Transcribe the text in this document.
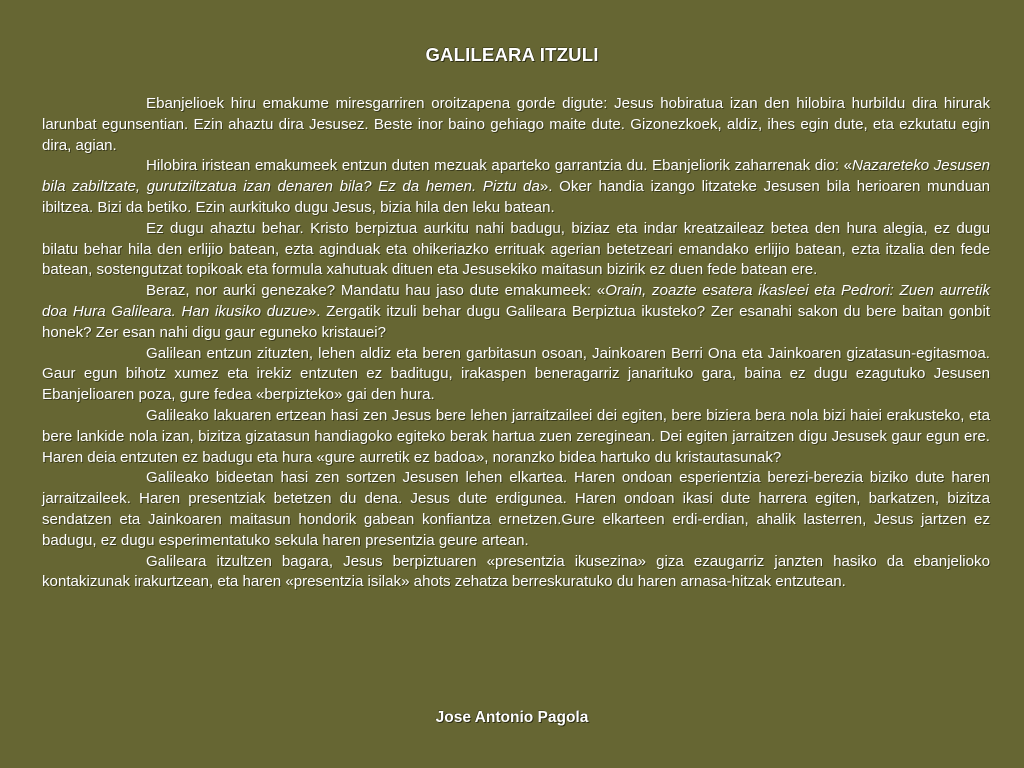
GALILEARA ITZULI

Ebanjelioek hiru emakume miresgarriren oroitzapena gorde digute: Jesus hobiratua izan den hilobira hurbildu dira hirurak larunbat egunsentian. Ezin ahaztu dira Jesusez. Beste inor baino gehiago maite dute. Gizonezkoek, aldiz, ihes egin dute, eta ezkutatu egin dira, agian.

Hilobira iristean emakumeek entzun duten mezuak aparteko garrantzia du. Ebanjeliorik zaharrenak dio: «Nazareteko Jesusen bila zabiltzate, gurutziltzatua izan denaren bila? Ez da hemen. Piztu da». Oker handia izango litzateke Jesusen bila herioaren munduan ibiltzea. Bizi da betiko. Ezin aurkituko dugu Jesus, bizia hila den leku batean.

Ez dugu ahaztu behar. Kristo berpiztua aurkitu nahi badugu, biziaz eta indar kreatzaileaz betea den hura alegia, ez dugu bilatu behar hila den erlijio batean, ezta aginduak eta ohikeriazko errituak agerian betetzeari emandako erlijio batean, ezta itzalia den fede batean, sostengutzat topikoak eta formula xahutuak dituen eta Jesusekiko maitasun bizirik ez duen fede batean ere.

Beraz, nor aurki genezake? Mandatu hau jaso dute emakumeek: «Orain, zoazte esatera ikasleei eta Pedrori: Zuen aurretik doa Hura Galileara. Han ikusiko duzue». Zergatik itzuli behar dugu Galileara Berpiztua ikusteko? Zer esanahi sakon du bere baitan gonbit honek? Zer esan nahi digu gaur eguneko kristauei?

Galilean entzun zituzten, lehen aldiz eta beren garbitasun osoan, Jainkoaren Berri Ona eta Jainkoaren gizatasun-egitasmoa. Gaur egun bihotz xumez eta irekiz entzuten ez baditugu, irakaspen beneragarriz janarituko gara, baina ez dugu ezagutuko Jesusen Ebanjelioaren poza, gure fedea «berpizteko» gai den hura.

Galileako lakuaren ertzean hasi zen Jesus bere lehen jarraitzaileei dei egiten, bere biziera bera nola bizi haiei erakusteko, eta bere lankide nola izan, bizitza gizatasun handiagoko egiteko berak hartua zuen zereginean. Dei egiten jarraitzen digu Jesusek gaur egun ere. Haren deia entzuten ez badugu eta hura «gure aurretik ez badoa», noranzko bidea hartuko du kristautasunak?

Galileako bideetan hasi zen sortzen Jesusen lehen elkartea. Haren ondoan esperientzia berezi-berezia biziko dute haren jarraitzaileek. Haren presentziak betetzen du dena. Jesus dute erdigunea. Haren ondoan ikasi dute harrera egiten, barkatzen, bizitza sendatzen eta Jainkoaren maitasun hondorik gabean konfiantza ernetzen.Gure elkarteen erdi-erdian, ahalik lasterren, Jesus jartzen ez badugu, ez dugu esperimentatuko sekula haren presentzia geure artean.

Galileara itzultzen bagara, Jesus berpiztuaren «presentzia ikusezina» giza ezaugarriz janzten hasiko da ebanjelioko kontakizunak irakurtzean, eta haren «presentzia isilak» ahots zehatza berreskuratuko du haren arnasa-hitzak entzutean.

Jose Antonio Pagola
